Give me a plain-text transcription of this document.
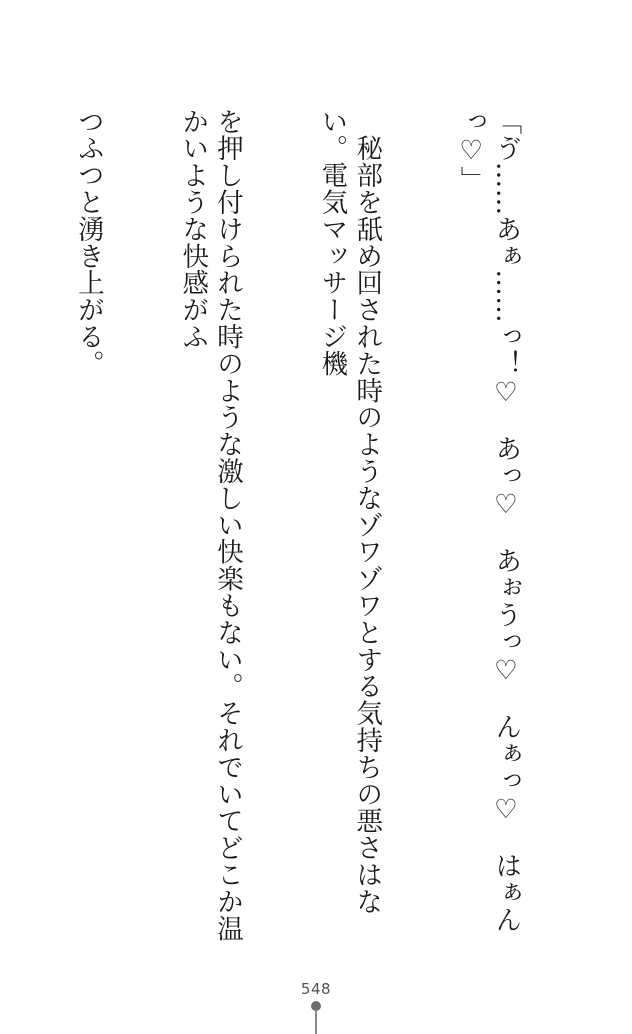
「ゔ……あぁ……っ！♡　あっ♡　あぉうっ♡　んぁっ♡　はぁんっ♡」

　秘部を舐め回された時のようなゾワゾワとする気持ちの悪さはない。電気マッサージ機

を押し付けられた時のような激しい快楽もない。それでいてどこか温かいような快感がふ

つふつと湧き上がる。

548
